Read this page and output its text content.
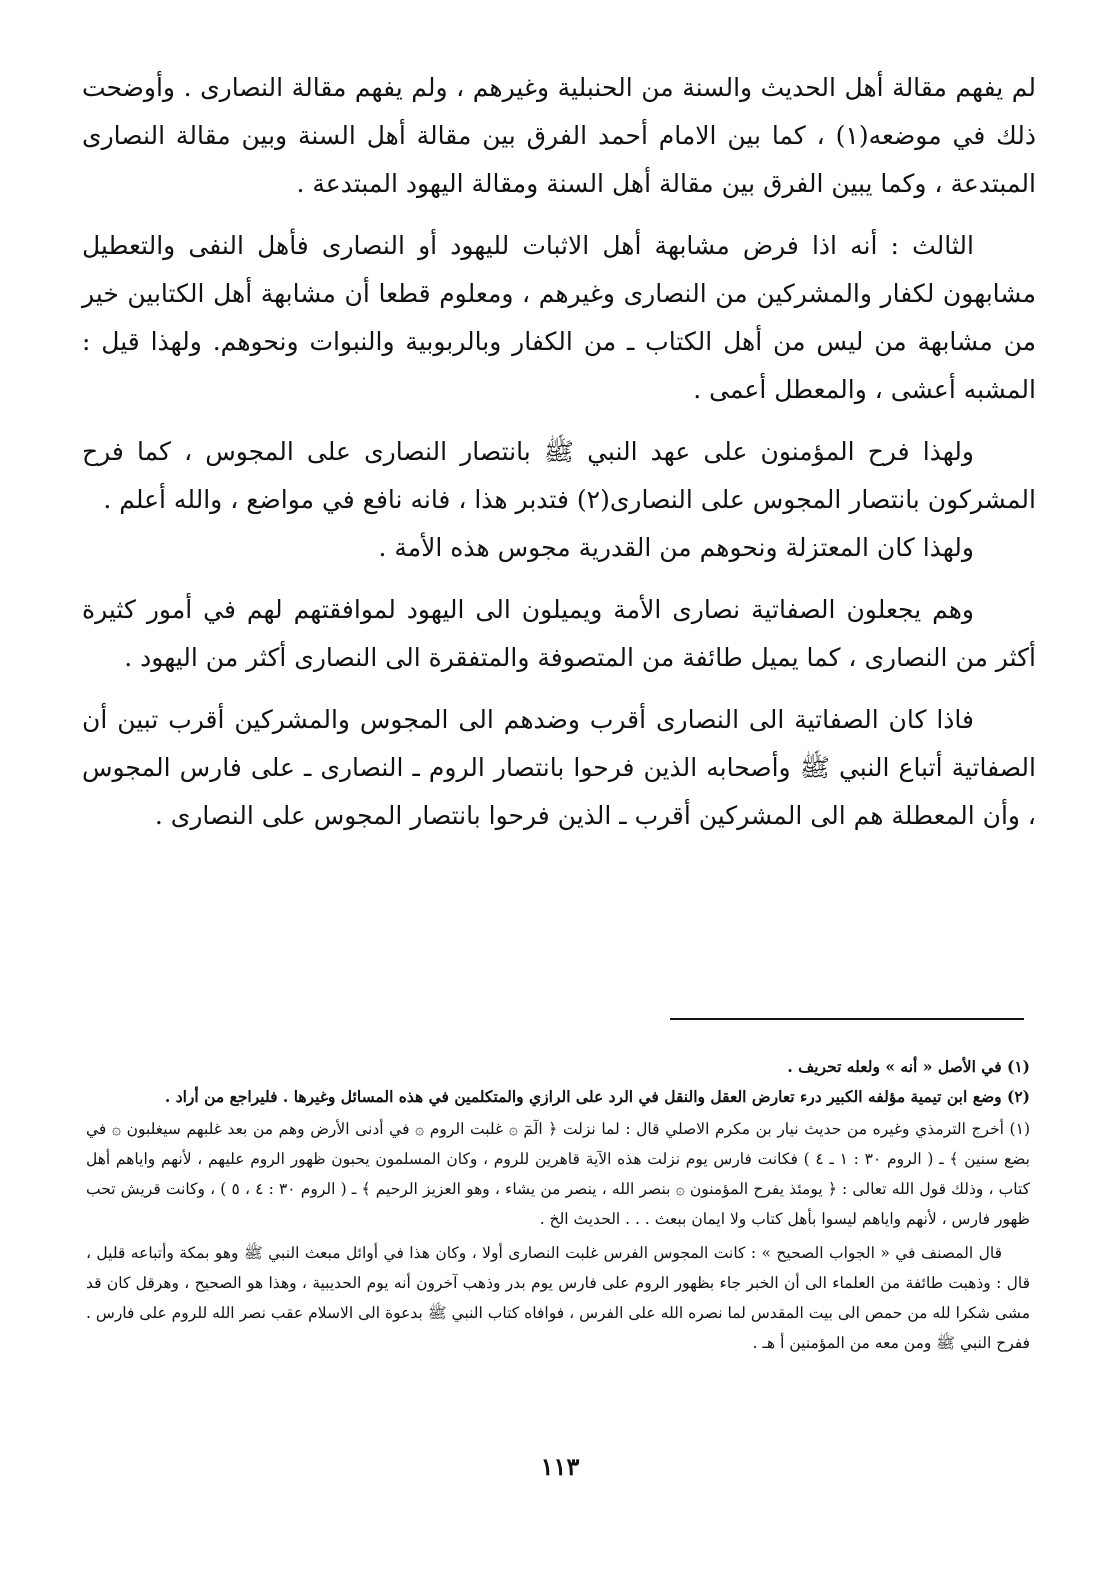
لم يفهم مقالة أهل الحديث والسنة من الحنبلية وغيرهم ، ولم يفهم مقالة النصارى . وأوضحت ذلك في موضعه(١) ، كما بين الامام أحمد الفرق بين مقالة أهل السنة وبين مقالة النصارى المبتدعة ، وكما يبين الفرق بين مقالة أهل السنة ومقالة اليهود المبتدعة .

الثالث : أنه اذا فرض مشابهة أهل الاثبات لليهود أو النصارى فأهل النفى والتعطيل مشابهون لكفار والمشركين من النصارى وغيرهم ، ومعلوم قطعا أن مشابهة أهل الكتابين خير من مشابهة من ليس من أهل الكتاب ـ من الكفار وبالربوبية والنبوات ونحوهم. ولهذا قيل : المشبه أعشى ، والمعطل أعمى .

ولهذا فرح المؤمنون على عهد النبي ﷺ بانتصار النصارى على المجوس ، كما فرح المشركون بانتصار المجوس على النصارى(٢) فتدبر هذا ، فانه نافع في مواضع ، والله أعلم .

ولهذا كان المعتزلة ونحوهم من القدرية مجوس هذه الأمة .

وهم يجعلون الصفاتية نصارى الأمة ويميلون الى اليهود لموافقتهم لهم في أمور كثيرة أكثر من النصارى ، كما يميل طائفة من المتصوفة والمتفقرة الى النصارى أكثر من اليهود .

فاذا كان الصفاتية الى النصارى أقرب وضدهم الى المجوس والمشركين أقرب تبين أن الصفاتية أتباع النبي ﷺ وأصحابه الذين فرحوا بانتصار الروم ـ النصارى ـ على فارس المجوس ، وأن المعطلة هم الى المشركين أقرب ـ الذين فرحوا بانتصار المجوس على النصارى .

(١) في الأصل « أنه » ولعله تحريف .

(٢) وضع ابن تيمية مؤلفه الكبير درء تعارض العقل والنقل في الرد على الرازي والمتكلمين في هذه المسائل وغيرها . فليراجع من أراد .

(١) أخرج الترمذي وغيره من حديث نيار بن مكرم الاصلي قال : لما نزلت ﴿ الٓمٓ ۞ غلبت الروم ۞ في أدنى الأرض وهم من بعد غلبهم سيغلبون ۞ في بضع سنين ﴾ ـ ( الروم ٣٠ : ١ ـ ٤ ) فكانت فارس يوم نزلت هذه الآية قاهرين للروم ، وكان المسلمون يحبون ظهور الروم عليهم ، لأنهم واياهم أهل كتاب ، وذلك قول الله تعالى : ﴿ يومئذ يفرح المؤمنون ۞ بنصر الله ، ينصر من يشاء ، وهو العزيز الرحيم ﴾ ـ ( الروم ٣٠ : ٤ ، ٥ ) ، وكانت قريش تحب ظهور فارس ، لأنهم واياهم ليسوا بأهل كتاب ولا ايمان ببعث . . . الحديث الخ .

قال المصنف في « الجواب الصحيح » : كانت المجوس الفرس غلبت النصارى أولا ، وكان هذا في أوائل مبعث النبي ﷺ وهو بمكة وأتباعه قليل ، قال : وذهبت طائفة من العلماء الى أن الخبر جاء بظهور الروم على فارس يوم بدر وذهب آخرون أنه يوم الحديبية ، وهذا هو الصحيح ، وهرقل كان قد مشى شكرا لله من حمص الى بيت المقدس لما نصره الله على الفرس ، فوافاه كتاب النبي ﷺ بدعوة الى الاسلام عقب نصر الله للروم على فارس . ففرح النبي ﷺ ومن معه من المؤمنين أ هـ .

١١٣
